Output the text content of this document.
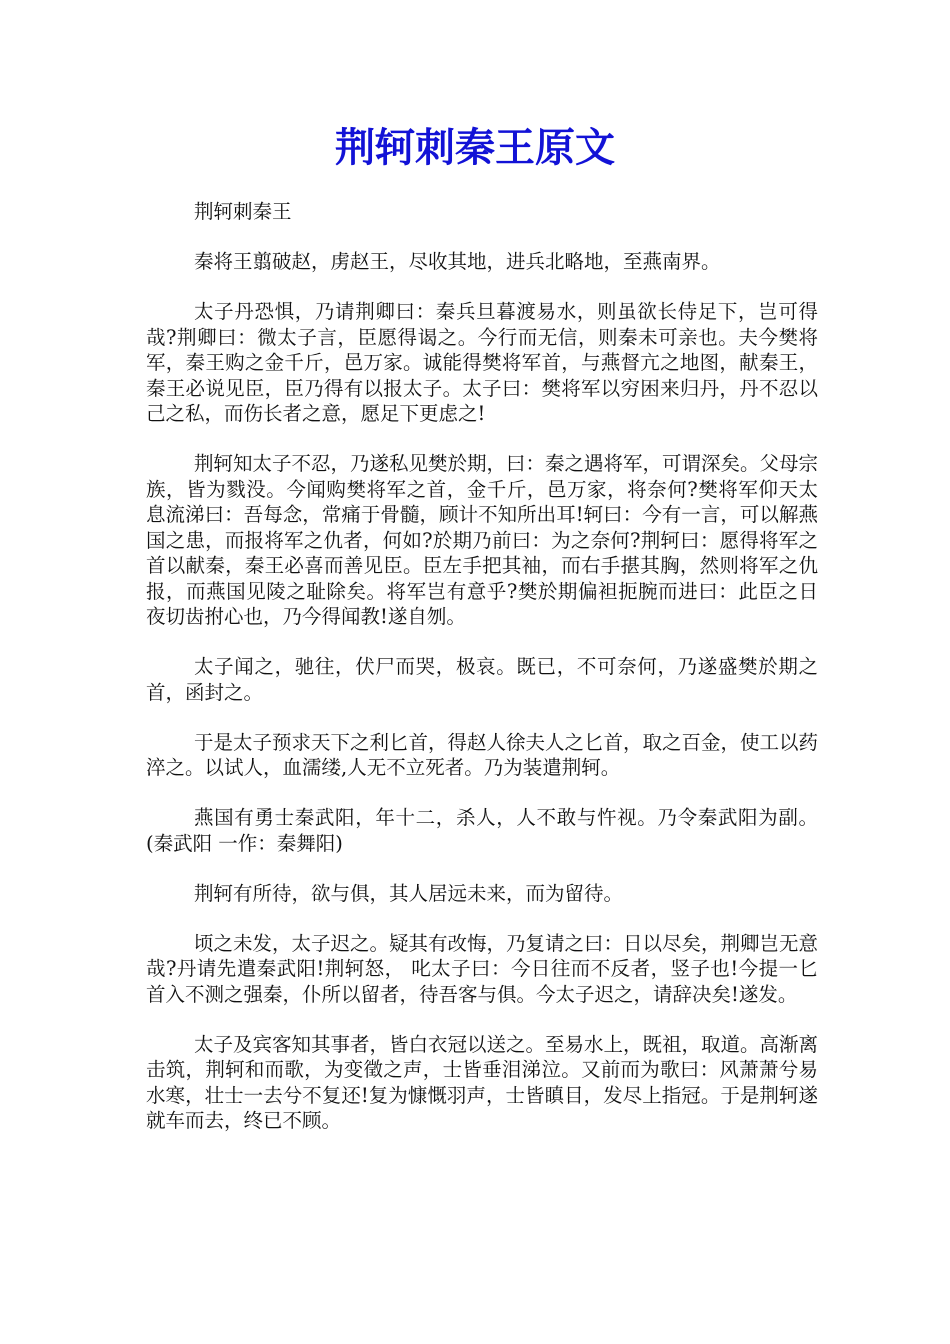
荆轲刺秦王原文

荆轲刺秦王

秦将王翦破赵，虏赵王，尽收其地，进兵北略地，至燕南界。

太子丹恐惧，乃请荆卿曰：秦兵旦暮渡易水，则虽欲长侍足下，岂可得哉?荆卿曰：微太子言，臣愿得谒之。今行而无信，则秦未可亲也。夫今樊将军，秦王购之金千斤，邑万家。诚能得樊将军首，与燕督亢之地图，献秦王，秦王必说见臣，臣乃得有以报太子。太子曰：樊将军以穷困来归丹，丹不忍以己之私，而伤长者之意，愿足下更虑之!

荆轲知太子不忍，乃遂私见樊於期，曰：秦之遇将军，可谓深矣。父母宗族，皆为戮没。今闻购樊将军之首，金千斤，邑万家，将奈何?樊将军仰天太息流涕曰：吾每念，常痛于骨髓，顾计不知所出耳!轲曰：今有一言，可以解燕国之患，而报将军之仇者，何如?於期乃前曰：为之奈何?荆轲曰：愿得将军之首以献秦，秦王必喜而善见臣。臣左手把其袖，而右手揕其胸，然则将军之仇报，而燕国见陵之耻除矣。将军岂有意乎?樊於期偏袒扼腕而进曰：此臣之日夜切齿拊心也，乃今得闻教!遂自刎。

太子闻之，驰往，伏尸而哭，极哀。既已，不可奈何，乃遂盛樊於期之首，函封之。

于是太子预求天下之利匕首，得赵人徐夫人之匕首，取之百金，使工以药 淬之。以试人，血濡缕,人无不立死者。乃为装遣荆轲。

燕国有勇士秦武阳，年十二，杀人，人不敢与忤视。乃令秦武阳为副。(秦武阳 一作：秦舞阳)

荆轲有所待，欲与俱，其人居远未来，而为留待。

顷之未发，太子迟之。疑其有改悔，乃复请之曰：日以尽矣，荆卿岂无意哉?丹请先遣秦武阳!荆轲怒， 叱太子曰：今日往而不反者，竖子也!今提一匕首入不测之强秦，仆所以留者，待吾客与俱。今太子迟之，请辞决矣!遂发。

太子及宾客知其事者，皆白衣冠以送之。至易水上，既祖，取道。高渐离击筑，荆轲和而歌，为变徵之声，士皆垂泪涕泣。又前而为歌曰：风萧萧兮易水寒，壮士一去兮不复还!复为慷慨羽声，士皆瞋目，发尽上指冠。于是荆轲遂就车而去，终已不顾。
